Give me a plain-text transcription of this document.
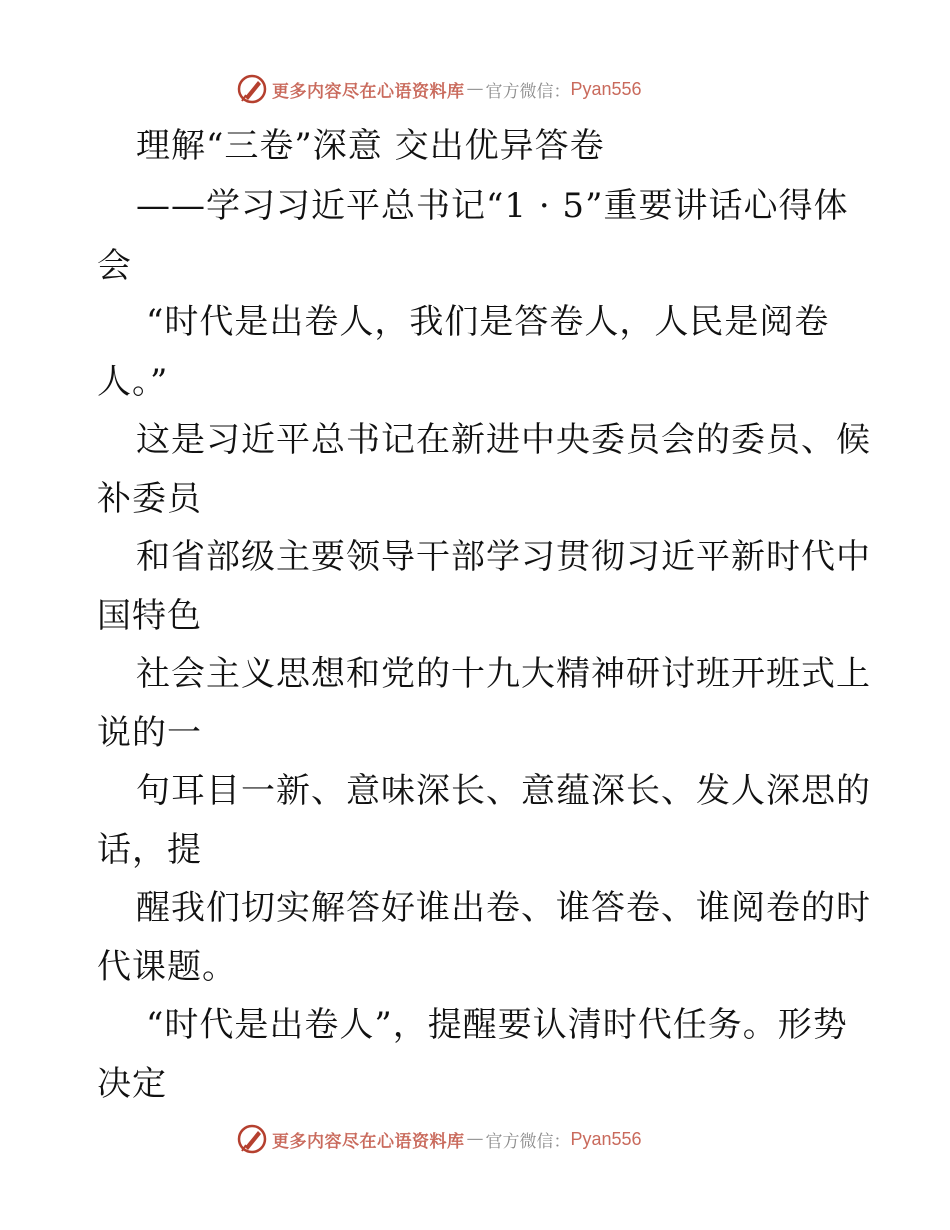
更多内容尽在心语资料库 — 官方微信： Pyan556
理解“三卷”深意 交出优异答卷
——学习习近平总书记“1 · 5”重要讲话心得体
会
“时代是出卷人，我们是答卷人，人民是阅卷
人。”
这是习近平总书记在新进中央委员会的委员、候
补委员
和省部级主要领导干部学习贯彻习近平新时代中
国特色
社会主义思想和党的十九大精神研讨班开班式上
说的一
句耳目一新、意味深长、意蕴深长、发人深思的
话，提
醒我们切实解答好谁出卷、谁答卷、谁阅卷的时
代课题。
“时代是出卷人”，提醒要认清时代任务。形势
决定
更多内容尽在心语资料库 — 官方微信： Pyan556
